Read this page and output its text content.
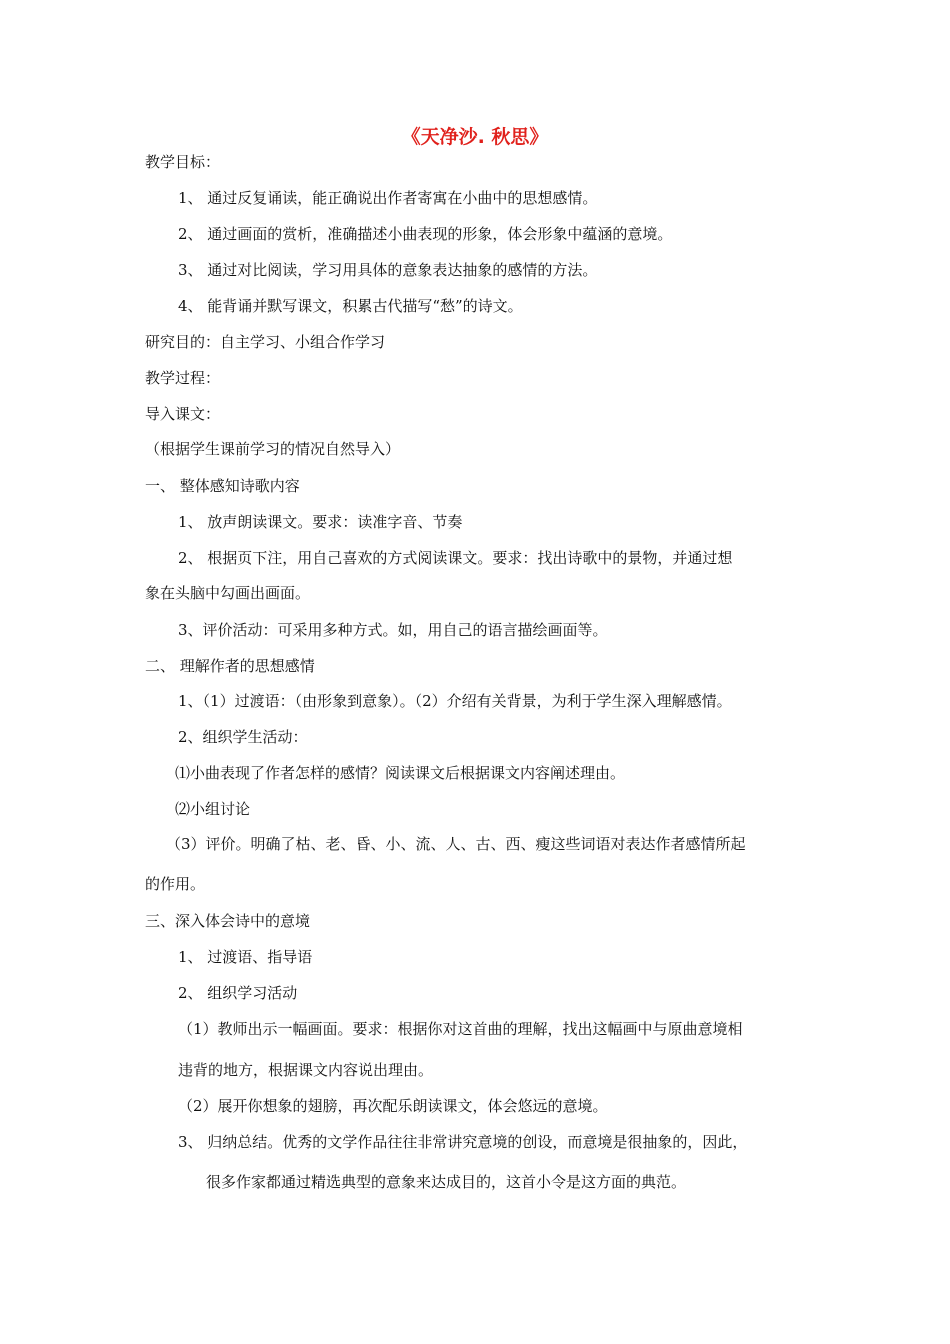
《天净沙. 秋思》
教学目标：
1、 通过反复诵读，能正确说出作者寄寓在小曲中的思想感情。
2、 通过画面的赏析，准确描述小曲表现的形象，体会形象中蕴涵的意境。
3、 通过对比阅读，学习用具体的意象表达抽象的感情的方法。
4、 能背诵并默写课文，积累古代描写“愁”的诗文。
研究目的：自主学习、小组合作学习
教学过程：
导入课文：
（根据学生课前学习的情况自然导入）
一、 整体感知诗歌内容
1、 放声朗读课文。要求：读准字音、节奏
2、 根据页下注，用自己喜欢的方式阅读课文。要求：找出诗歌中的景物，并通过想
象在头脑中勾画出画面。
3、评价活动：可采用多种方式。如，用自己的语言描绘画面等。
二、 理解作者的思想感情
1、（1）过渡语：（由形象到意象）。（2）介绍有关背景，为利于学生深入理解感情。
2、组织学生活动：
⑴小曲表现了作者怎样的感情？阅读课文后根据课文内容阐述理由。
⑵小组讨论
（3）评价。明确了枯、老、昏、小、流、人、古、西、瘦这些词语对表达作者感情所起
的作用。
三、深入体会诗中的意境
1、 过渡语、指导语
2、 组织学习活动
（1）教师出示一幅画面。要求：根据你对这首曲的理解，找出这幅画中与原曲意境相
违背的地方，根据课文内容说出理由。
（2）展开你想象的翅膀，再次配乐朗读课文，体会悠远的意境。
3、 归纳总结。优秀的文学作品往往非常讲究意境的创设，而意境是很抽象的，因此，
很多作家都通过精选典型的意象来达成目的，这首小令是这方面的典范。
